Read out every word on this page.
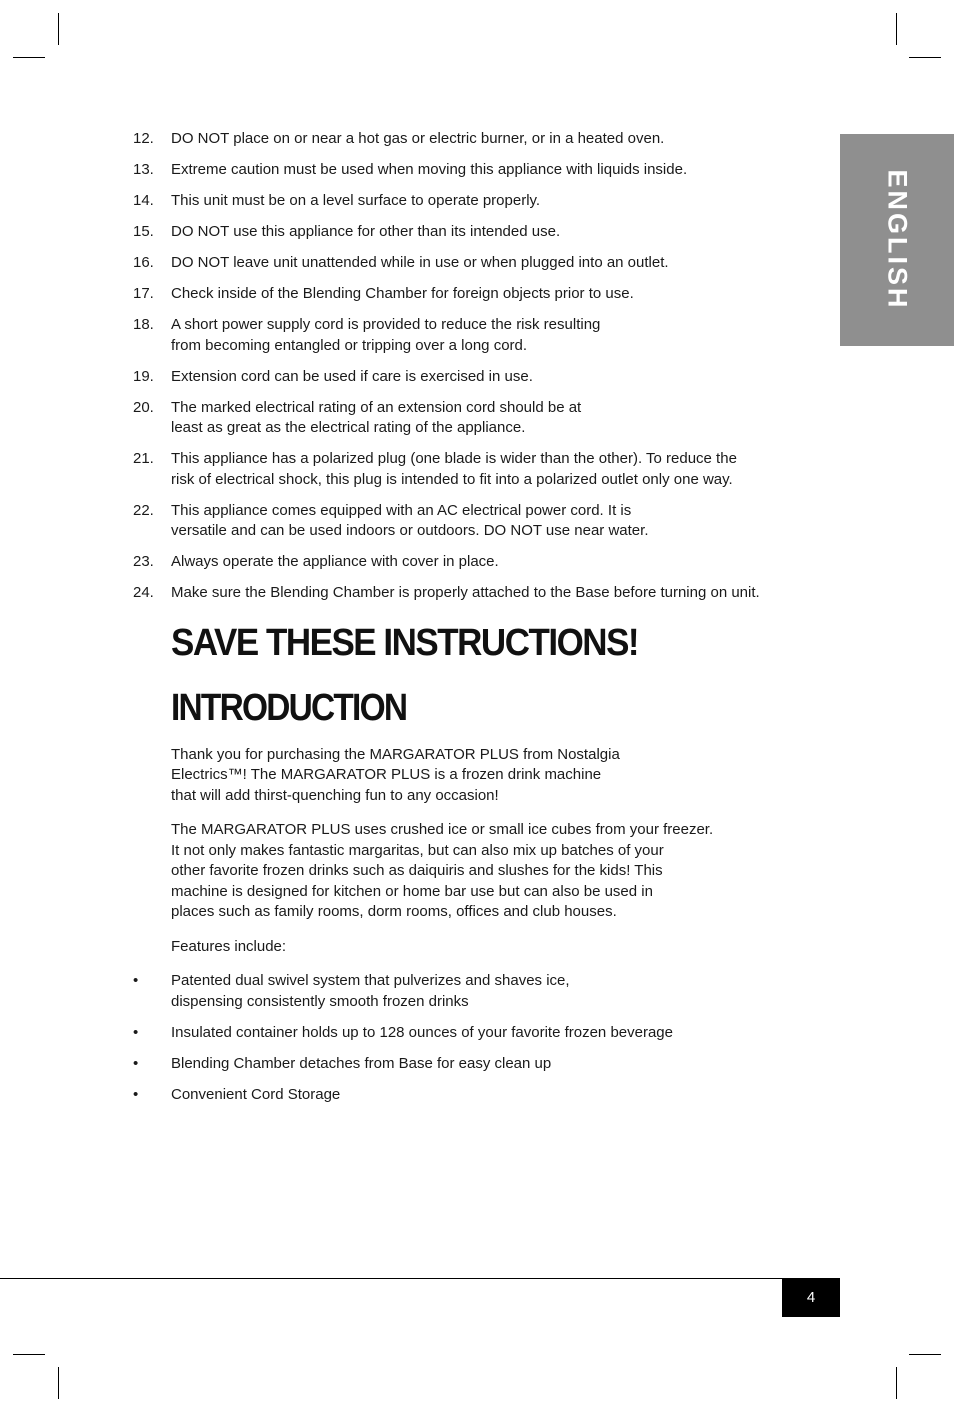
ENGLISH
12.	DO NOT place on or near a hot gas or electric burner, or in a heated oven.
13.	Extreme caution must be used when moving this appliance with liquids inside.
14.	This unit must be on a level surface to operate properly.
15.	DO NOT use this appliance for other than its intended use.
16.	DO NOT leave unit unattended while in use or when plugged into an outlet.
17.	Check inside of the Blending Chamber for foreign objects prior to use.
18.	A short power supply cord is provided to reduce the risk resulting
from becoming entangled or tripping over a long cord.
19.	Extension cord can be used if care is exercised in use.
20.	The marked electrical rating of an extension cord should be at
least as great as the electrical rating of the appliance.
21.	This appliance has a polarized plug (one blade is wider than the other). To reduce the
risk of electrical shock, this plug is intended to fit into a polarized outlet only one way.
22.	This appliance comes equipped with an AC electrical power cord. It is
versatile and can be used indoors or outdoors. DO NOT use near water.
23.	Always operate the appliance with cover in place.
24.	Make sure the Blending Chamber is properly attached to the Base before turning on unit.
SAVE THESE INSTRUCTIONS!
INTRODUCTION
Thank you for purchasing the MARGARATOR PLUS from Nostalgia
Electrics™! The MARGARATOR PLUS is a frozen drink machine
that will add thirst-quenching fun to any occasion!
The MARGARATOR PLUS uses crushed ice or small ice cubes from your freezer.
It not only makes fantastic margaritas, but can also mix up batches of your
other favorite frozen drinks such as daiquiris and slushes for the kids! This
machine is designed for kitchen or home bar use but can also be used in
places such as family rooms, dorm rooms, offices and club houses.
Features include:
•	Patented dual swivel system that pulverizes and shaves ice,
dispensing consistently smooth frozen drinks
•	Insulated container holds up to 128 ounces of your favorite frozen beverage
•	Blending Chamber detaches from Base for easy clean up
•	Convenient Cord Storage
4
